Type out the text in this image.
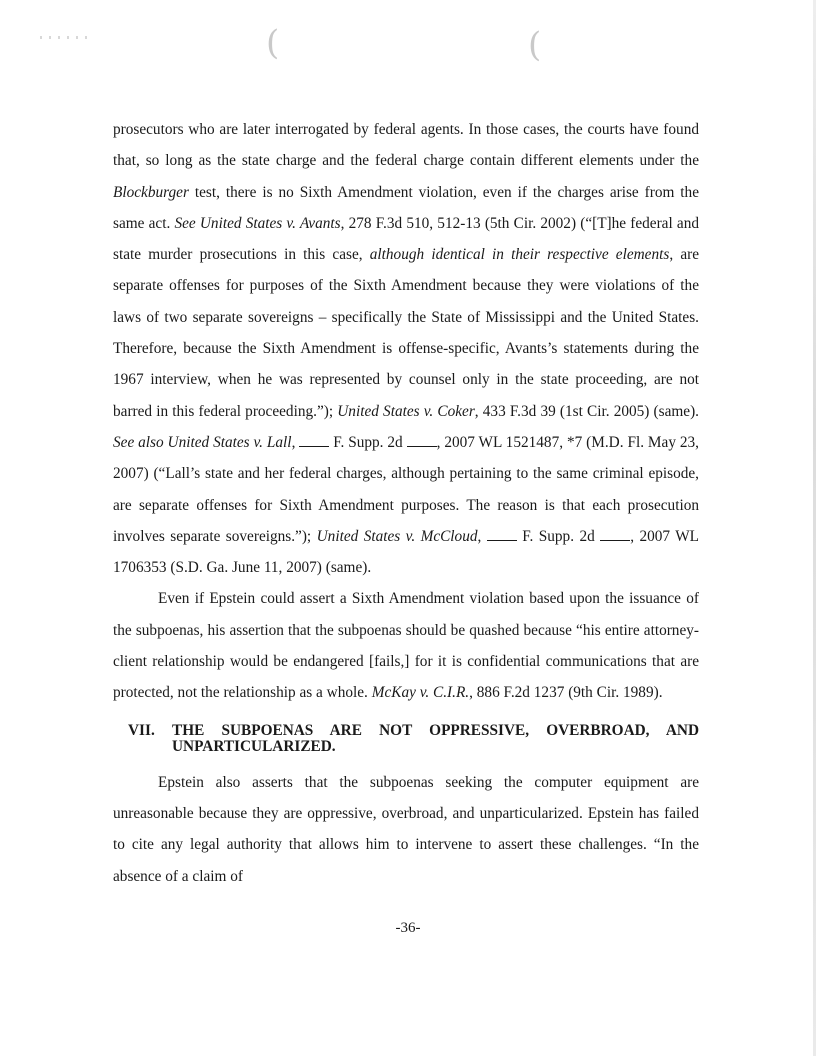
(	(

prosecutors who are later interrogated by federal agents. In those cases, the courts have found that, so long as the state charge and the federal charge contain different elements under the Blockburger test, there is no Sixth Amendment violation, even if the charges arise from the same act. See United States v. Avants, 278 F.3d 510, 512-13 (5th Cir. 2002) (“[T]he federal and state murder prosecutions in this case, although identical in their respective elements, are separate offenses for purposes of the Sixth Amendment because they were violations of the laws of two separate sovereigns – specifically the State of Mississippi and the United States. Therefore, because the Sixth Amendment is offense-specific, Avants’s statements during the 1967 interview, when he was represented by counsel only in the state proceeding, are not barred in this federal proceeding.”); United States v. Coker, 433 F.3d 39 (1st Cir. 2005) (same). See also United States v. Lall,  F. Supp. 2d , 2007 WL 1521487, *7 (M.D. Fl. May 23, 2007) (“Lall’s state and her federal charges, although pertaining to the same criminal episode, are separate offenses for Sixth Amendment purposes. The reason is that each prosecution involves separate sovereigns.”); United States v. McCloud,  F. Supp. 2d , 2007 WL 1706353 (S.D. Ga. June 11, 2007) (same).

Even if Epstein could assert a Sixth Amendment violation based upon the issuance of the subpoenas, his assertion that the subpoenas should be quashed because “his entire attorney-client relationship would be endangered [fails,] for it is confidential communications that are protected, not the relationship as a whole. McKay v. C.I.R., 886 F.2d 1237 (9th Cir. 1989).

VII.	THE SUBPOENAS ARE NOT OPPRESSIVE, OVERBROAD, AND UNPARTICULARIZED.

Epstein also asserts that the subpoenas seeking the computer equipment are unreasonable because they are oppressive, overbroad, and unparticularized. Epstein has failed to cite any legal authority that allows him to intervene to assert these challenges. “In the absence of a claim of

-36-
